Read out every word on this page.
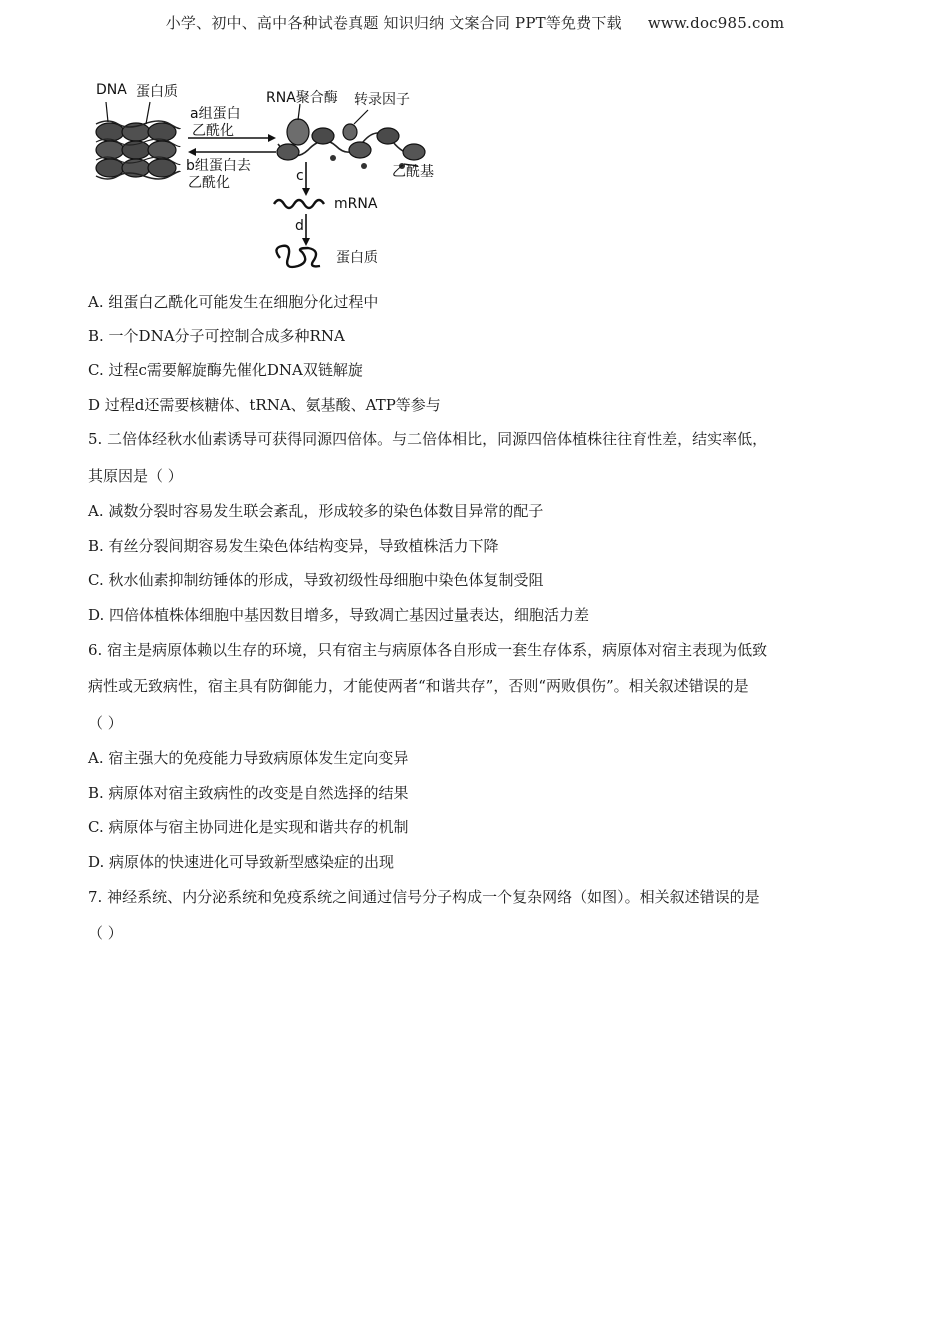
小学、初中、高中各种试卷真题 知识归纳 文案合同 PPT等免费下载 www.doc985.com
DNA 蛋白质
a组蛋白
乙酰化
b组蛋白去
乙酰化
RNA聚合酶 转录因子
乙酰基
c
mRNA
d
蛋白质
A. 组蛋白乙酰化可能发生在细胞分化过程中
B. 一个DNA分子可控制合成多种RNA
C. 过程c需要解旋酶先催化DNA双链解旋
D 过程d还需要核糖体、tRNA、氨基酸、ATP等参与
5. 二倍体经秋水仙素诱导可获得同源四倍体。与二倍体相比，同源四倍体植株往往育性差，结实率低，
其原因是（ ）
A. 减数分裂时容易发生联会紊乱，形成较多的染色体数目异常的配子
B. 有丝分裂间期容易发生染色体结构变异，导致植株活力下降
C. 秋水仙素抑制纺锤体的形成，导致初级性母细胞中染色体复制受阻
D. 四倍体植株体细胞中基因数目增多，导致凋亡基因过量表达，细胞活力差
6. 宿主是病原体赖以生存的环境，只有宿主与病原体各自形成一套生存体系，病原体对宿主表现为低致
病性或无致病性，宿主具有防御能力，才能使两者“和谐共存”，否则“两败俱伤”。相关叙述错误的是
（ ）
A. 宿主强大的免疫能力导致病原体发生定向变异
B. 病原体对宿主致病性的改变是自然选择的结果
C. 病原体与宿主协同进化是实现和谐共存的机制
D. 病原体的快速进化可导致新型感染症的出现
7. 神经系统、内分泌系统和免疫系统之间通过信号分子构成一个复杂网络（如图）。相关叙述错误的是
（ ）
